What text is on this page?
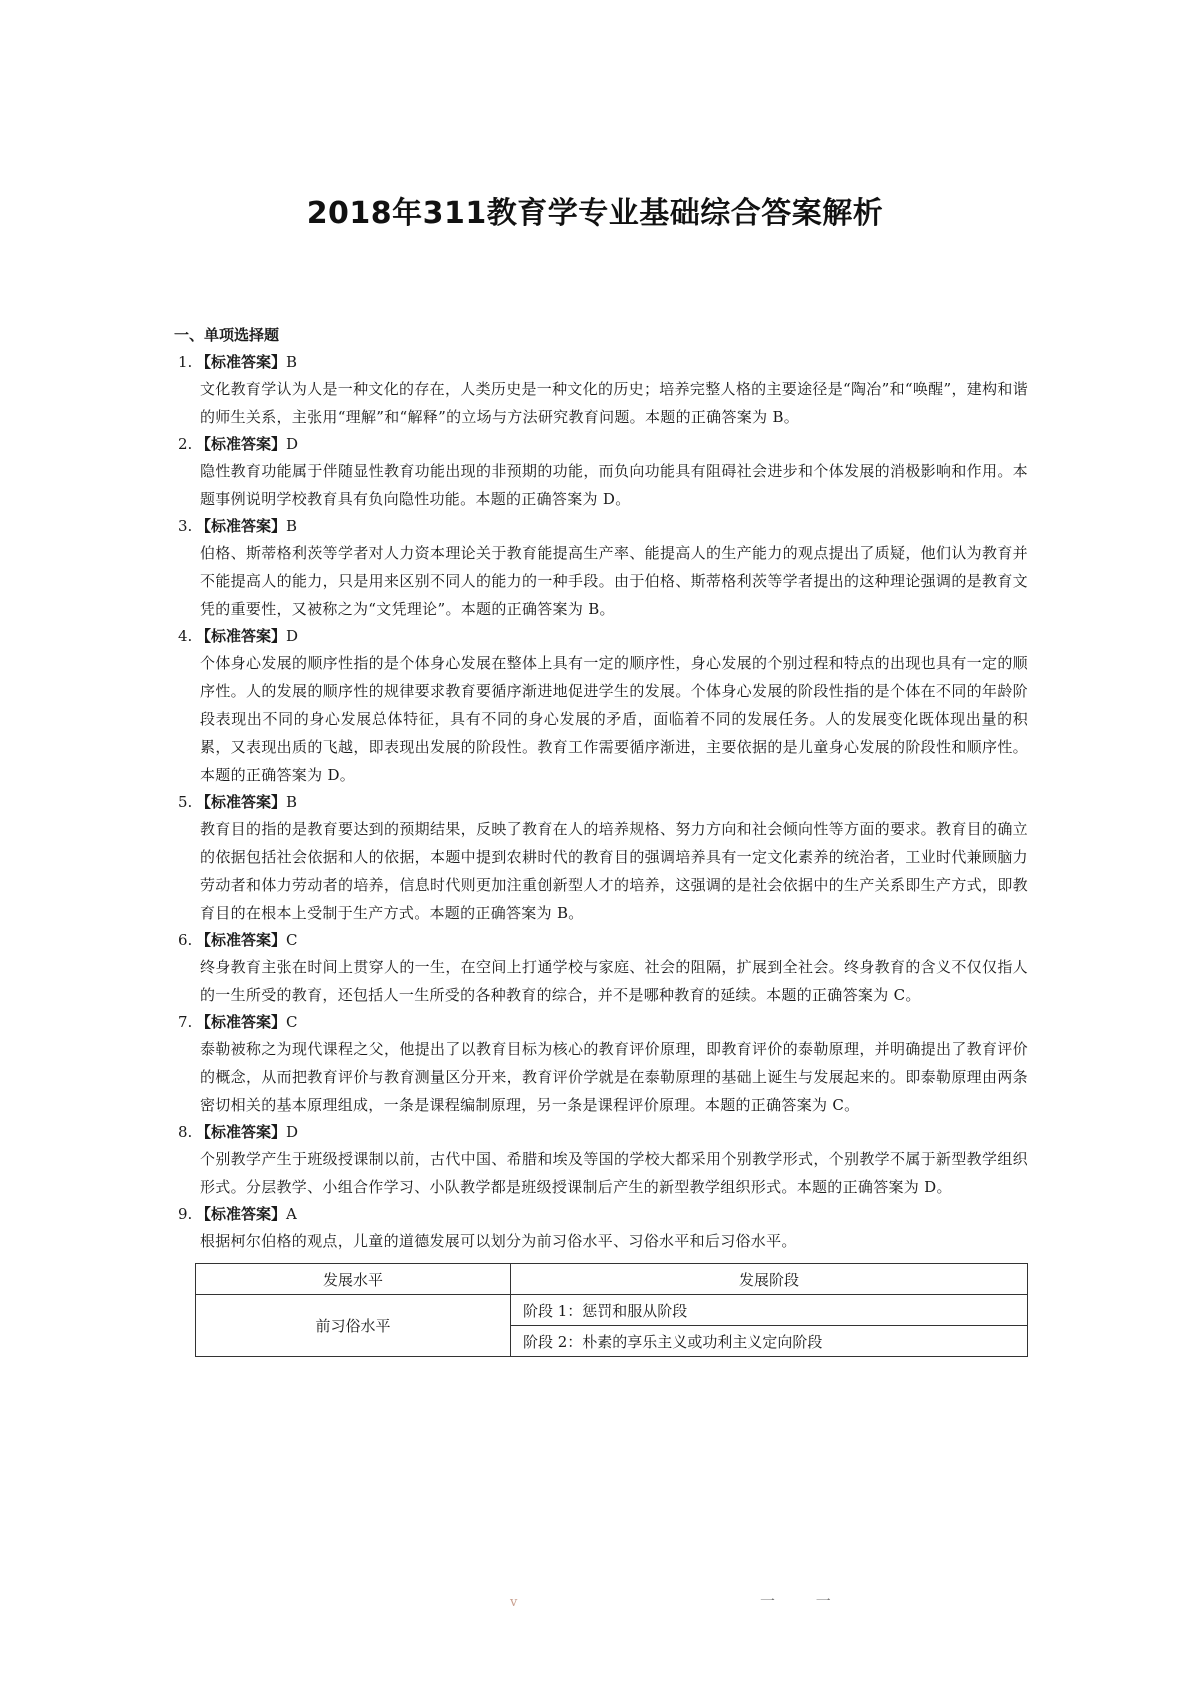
2018年311教育学专业基础综合答案解析
一、单项选择题
1. 【标准答案】B
文化教育学认为人是一种文化的存在，人类历史是一种文化的历史；培养完整人格的主要途径是“陶冶”和“唤醒”，建构和谐的师生关系，主张用“理解”和“解释”的立场与方法研究教育问题。本题的正确答案为 B。
2. 【标准答案】D
隐性教育功能属于伴随显性教育功能出现的非预期的功能，而负向功能具有阻碍社会进步和个体发展的消极影响和作用。本题事例说明学校教育具有负向隐性功能。本题的正确答案为 D。
3. 【标准答案】B
伯格、斯蒂格利茨等学者对人力资本理论关于教育能提高生产率、能提高人的生产能力的观点提出了质疑，他们认为教育并不能提高人的能力，只是用来区别不同人的能力的一种手段。由于伯格、斯蒂格利茨等学者提出的这种理论强调的是教育文凭的重要性，又被称之为“文凭理论”。本题的正确答案为 B。
4. 【标准答案】D
个体身心发展的顺序性指的是个体身心发展在整体上具有一定的顺序性，身心发展的个别过程和特点的出现也具有一定的顺序性。人的发展的顺序性的规律要求教育要循序渐进地促进学生的发展。个体身心发展的阶段性指的是个体在不同的年龄阶段表现出不同的身心发展总体特征，具有不同的身心发展的矛盾，面临着不同的发展任务。人的发展变化既体现出量的积累，又表现出质的飞越，即表现出发展的阶段性。教育工作需要循序渐进，主要依据的是儿童身心发展的阶段性和顺序性。本题的正确答案为 D。
5. 【标准答案】B
教育目的指的是教育要达到的预期结果，反映了教育在人的培养规格、努力方向和社会倾向性等方面的要求。教育目的确立的依据包括社会依据和人的依据，本题中提到农耕时代的教育目的强调培养具有一定文化素养的统治者，工业时代兼顾脑力劳动者和体力劳动者的培养，信息时代则更加注重创新型人才的培养，这强调的是社会依据中的生产关系即生产方式，即教育目的在根本上受制于生产方式。本题的正确答案为 B。
6. 【标准答案】C
终身教育主张在时间上贯穿人的一生，在空间上打通学校与家庭、社会的阻隔，扩展到全社会。终身教育的含义不仅仅指人的一生所受的教育，还包括人一生所受的各种教育的综合，并不是哪种教育的延续。本题的正确答案为 C。
7. 【标准答案】C
泰勒被称之为现代课程之父，他提出了以教育目标为核心的教育评价原理，即教育评价的泰勒原理，并明确提出了教育评价的概念，从而把教育评价与教育测量区分开来，教育评价学就是在泰勒原理的基础上诞生与发展起来的。即泰勒原理由两条密切相关的基本原理组成，一条是课程编制原理，另一条是课程评价原理。本题的正确答案为 C。
8. 【标准答案】D
个别教学产生于班级授课制以前，古代中国、希腊和埃及等国的学校大都采用个别教学形式，个别教学不属于新型教学组织形式。分层教学、小组合作学习、小队教学都是班级授课制后产生的新型教学组织形式。本题的正确答案为 D。
9. 【标准答案】A
根据柯尔伯格的观点，儿童的道德发展可以划分为前习俗水平、习俗水平和后习俗水平。
发展水平	发展阶段
前习俗水平	阶段 1：惩罚和服从阶段
	阶段 2：朴素的享乐主义或功利主义定向阶段
v	一 一
